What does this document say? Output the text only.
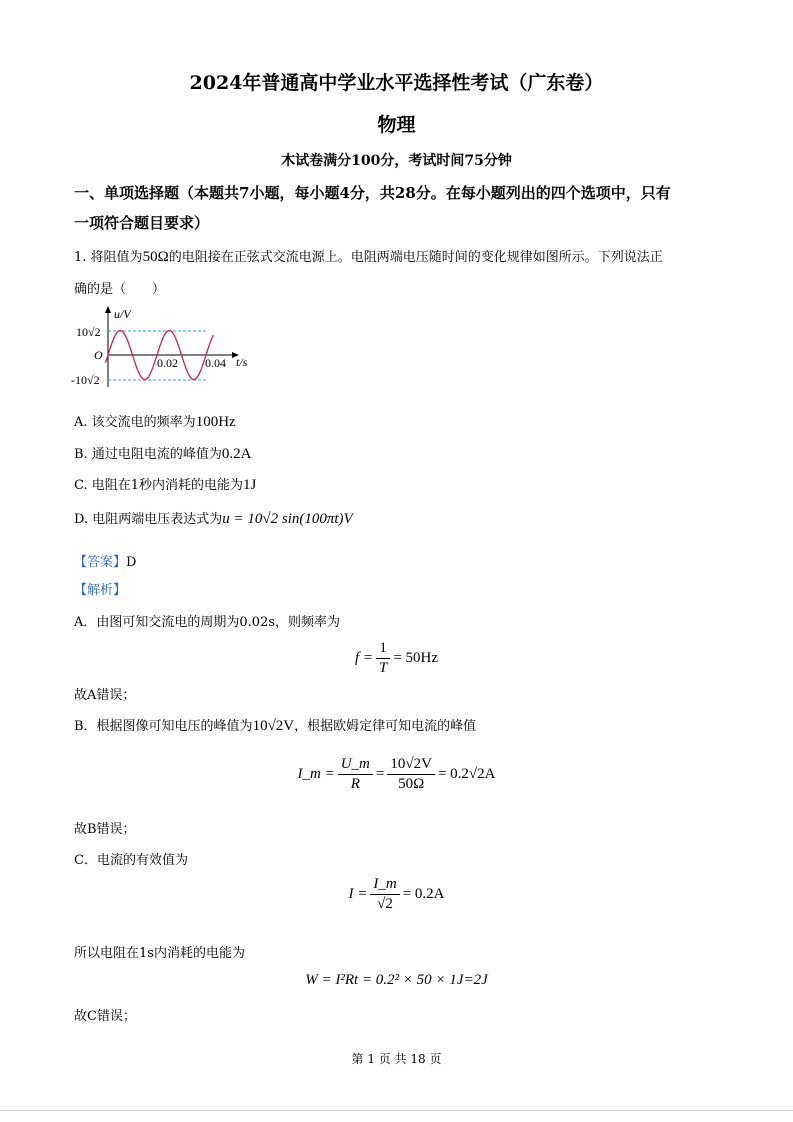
2024年普通高中学业水平选择性考试（广东卷）
物理
木试卷满分100分，考试时间75分钟
一、单项选择题（本题共7小题，每小题4分，共28分。在每小题列出的四个选项中，只有
一项符合题目要求）
1. 将阻值为50Ω的电阻接在正弦式交流电源上。电阻两端电压随时间的变化规律如图所示。下列说法正
确的是（　　）
u/V
t/s
O
10√2
-10√2
0.02 0.04
A. 该交流电的频率为100Hz
B. 通过电阻电流的峰值为0.2A
C. 电阻在1秒内消耗的电能为1J
D. 电阻两端电压表达式为u = 10√2 sin(100πt)V
【答案】D
【解析】
A．由图可知交流电的周期为0.02s，则频率为
$f = \frac{1}{T} = 50Hz$
故A错误；
B．根据图像可知电压的峰值为10√2V，根据欧姆定律可知电流的峰值
I_m = $\frac{U\_m}{R} = \frac{10√2V}{50\Omega} = 0.2√2A$
故B错误；
C．电流的有效值为
$I = \frac{I\_m}{√2} = 0.2A$
所以电阻在1s内消耗的电能为
W = I²Rt = 0.2² × 50 × 1J=2J
故C错误；
第 1 页 共 18 页
